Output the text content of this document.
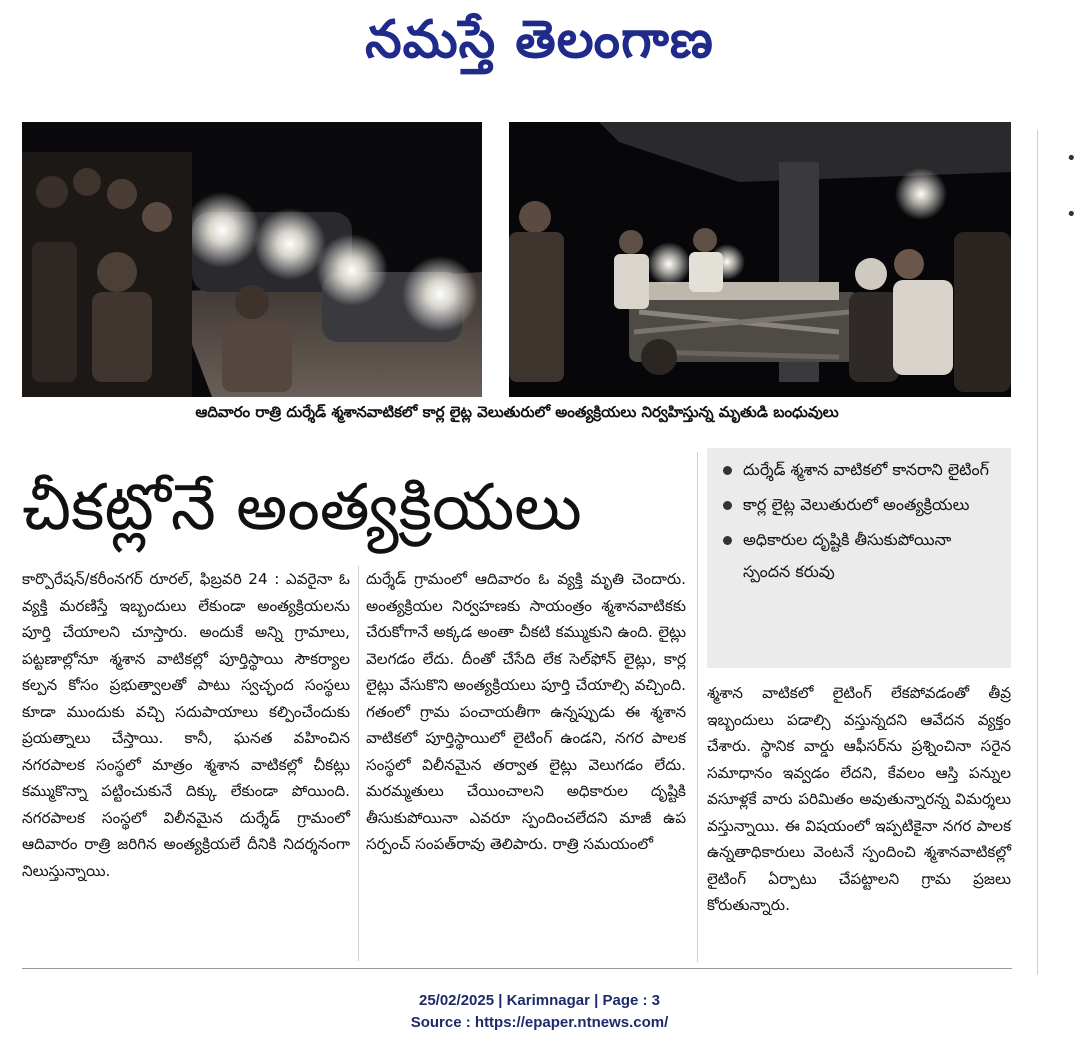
నమస్తే తెలంగాణ
•
•
ఆదివారం రాత్రి దుర్శేడ్ శ్మశానవాటికలో కార్ల లైట్ల వెలుతురులో అంత్యక్రియలు నిర్వహిస్తున్న మృతుడి బంధువులు
చీకట్లోనే అంత్యక్రియలు
దుర్శేడ్ శ్మశాన వాటికలో కానరాని లైటింగ్
కార్ల లైట్ల వెలుతురులో అంత్యక్రియలు
అధికారుల దృష్టికి తీసుకుపోయినా స్పందన కరువు

కార్పొరేషన్/కరీంనగర్ రూరల్, ఫిబ్రవరి 24 : ఎవరైనా ఓ వ్యక్తి మరణిస్తే ఇబ్బందులు లేకుండా అంత్యక్రియలను పూర్తి చేయాలని చూస్తారు. అందుకే అన్ని గ్రామాలు, పట్టణాల్లోనూ శ్మశాన వాటికల్లో పూర్తిస్థాయి సౌకర్యాల కల్పన కోసం ప్రభుత్వాలతో పాటు స్వచ్ఛంద సంస్థలు కూడా ముందుకు వచ్చి సదుపాయాలు కల్పించేందుకు ప్రయత్నాలు చేస్తాయి. కానీ, ఘనత వహించిన నగరపాలక సంస్థలో మాత్రం శ్మశాన వాటికల్లో చీకట్లు కమ్ముకొన్నా పట్టించుకునే దిక్కు లేకుండా పోయింది. నగరపాలక సంస్థలో విలీనమైన దుర్శేడ్ గ్రామంలో ఆదివారం రాత్రి జరిగిన అంత్యక్రియలే దీనికి నిదర్శనంగా నిలుస్తున్నాయి.

దుర్శేడ్ గ్రామంలో ఆదివారం ఓ వ్యక్తి మృతి చెందారు. అంత్యక్రియల నిర్వహణకు సాయంత్రం శ్మశానవాటికకు చేరుకోగానే అక్కడ అంతా చీకటి కమ్ముకుని ఉంది. లైట్లు వెలగడం లేదు. దీంతో చేసేది లేక సెల్‌ఫోన్ లైట్లు, కార్ల లైట్లు వేసుకొని అంత్యక్రియలు పూర్తి చేయాల్సి వచ్చింది. గతంలో గ్రామ పంచాయతీగా ఉన్నప్పుడు ఈ శ్మశాన వాటికలో పూర్తిస్థాయిలో లైటింగ్ ఉండని, నగర పాలక సంస్థలో విలీనమైన తర్వాత లైట్లు వెలుగడం లేదు. మరమ్మతులు చేయించాలని అధికారుల దృష్టికి తీసుకుపోయినా ఎవరూ స్పందించలేదని మాజీ ఉప సర్పంచ్ సంపత్‌రావు తెలిపారు. రాత్రి సమయంలో

శ్మశాన వాటికలో లైటింగ్ లేకపోవడంతో తీవ్ర ఇబ్బందులు పడాల్సి వస్తున్నదని ఆవేదన వ్యక్తం చేశారు. స్థానిక వార్డు ఆఫీసర్‌ను ప్రశ్నించినా సరైన సమాధానం ఇవ్వడం లేదని, కేవలం ఆస్తి పన్నుల వసూళ్లకే వారు పరిమితం అవుతున్నారన్న విమర్శలు వస్తున్నాయి. ఈ విషయంలో ఇప్పటికైనా నగర పాలక ఉన్నతాధికారులు వెంటనే స్పందించి శ్మశానవాటికల్లో లైటింగ్ ఏర్పాటు చేపట్టాలని గ్రామ ప్రజలు కోరుతున్నారు.

25/02/2025 | Karimnagar | Page : 3
Source : https://epaper.ntnews.com/
